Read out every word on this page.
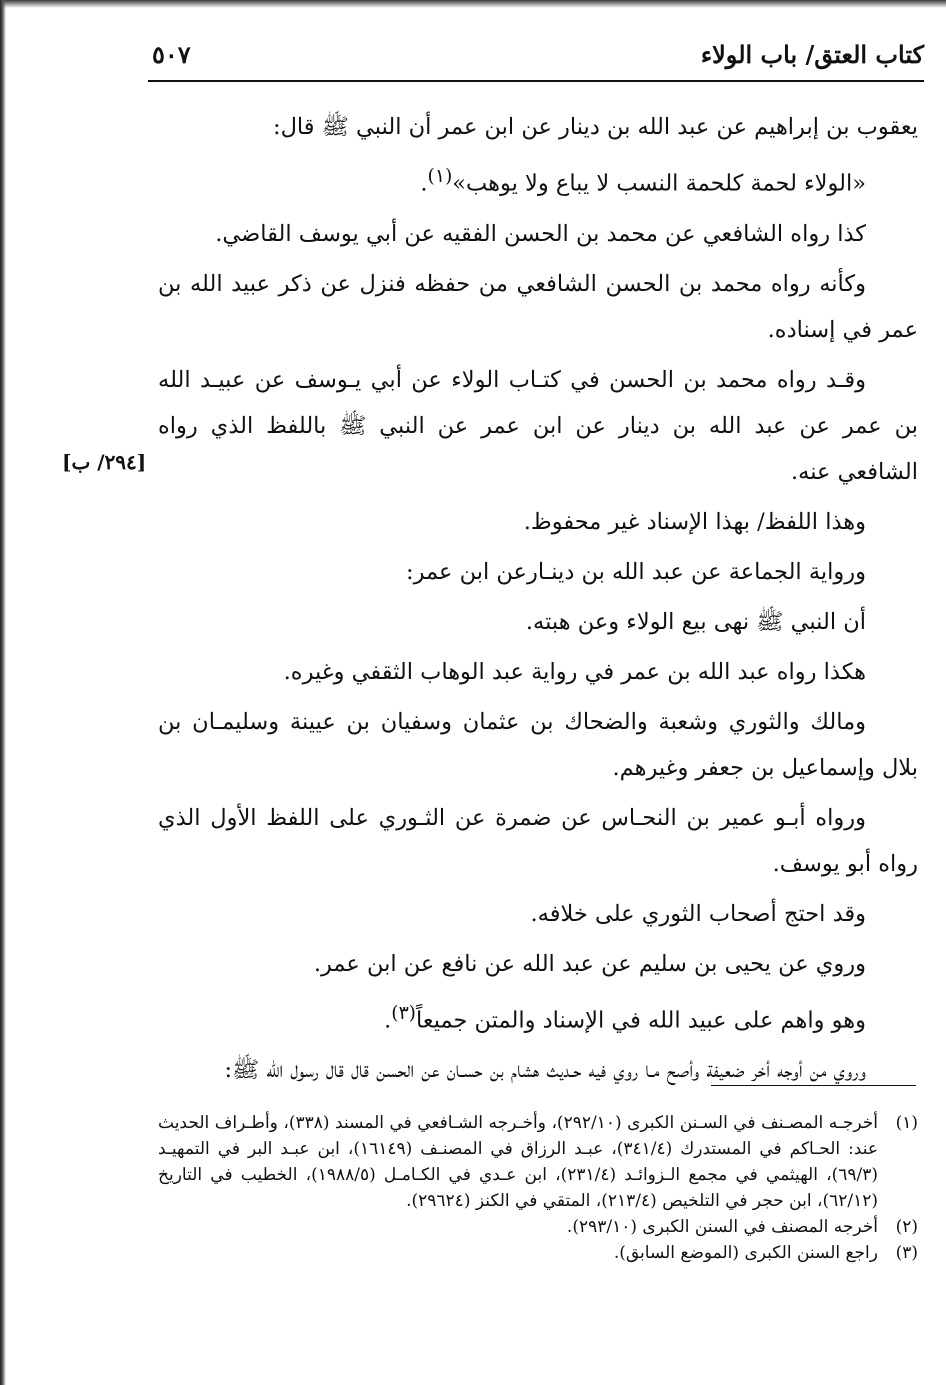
كتاب العتق/ باب الولاء
٥٠٧
[٢٩٤/ ب]

يعقوب بن إبراهيم عن عبد الله بن دينار عن ابن عمر أن النبي ﷺ قال:

«الولاء لحمة كلحمة النسب لا يباع ولا يوهب»$^{(١)}$.

كذا رواه الشافعي عن محمد بن الحسن الفقيه عن أبي يوسف القاضي.

وكأنه رواه محمد بن الحسن الشافعي من حفظه فنزل عن ذكر عبيد الله بن عمر في إسناده.

وقـد رواه محمد بن الحسن في كتـاب الولاء عن أبي يـوسف عن عبيـد الله بن عمر عن عبد الله بن دينار عن ابن عمر عن النبي ﷺ باللفظ الذي رواه الشافعي عنه.

وهذا اللفظ/ بهذا الإسناد غير محفوظ.

ورواية الجماعة عن عبد الله بن دينـارعن ابن عمر:

أن النبي ﷺ نهى بيع الولاء وعن هبته.

هكذا رواه عبد الله بن عمر في رواية عبد الوهاب الثقفي وغيره.

ومالك والثوري وشعبة والضحاك بن عثمان وسفيان بن عيينة وسليمـان بن بلال وإسماعيل بن جعفر وغيرهم.

ورواه أبـو عمير بن النحـاس عن ضمرة عن الثـوري على اللفظ الأول الذي رواه أبو يوسف.

وقد احتج أصحاب الثوري على خلافه.

وروي عن يحيى بن سليم عن عبد الله عن نافع عن ابن عمر.

وهو واهم على عبيد الله في الإسناد والمتن جميعاً$^{(٣)}$.

وروي من أوجه أخر ضعيفة وأصح مـا روي فيه حـديث هشام بن حسـان عن الحسن قال قال رسول الله ﷺ:

(١)
أخرجـه المصـنف في السـنن الكبرى (٢٩٢/١٠)، وأخـرجه الشـافعي في المسند (٣٣٨)، وأطـراف الحديث عند: الحـاكم في المستدرك (٣٤١/٤)، عبـد الرزاق في المصنـف (١٦١٤٩)، ابن عبـد البر في التمهيـد (٦٩/٣)، الهيثمي في مجمع الـزوائـد (٢٣١/٤)، ابن عـدي في الكـامـل (١٩٨٨/٥)، الخطيب في التاريخ (٦٢/١٢)، ابن حجر في التلخيص (٢١٣/٤)، المتقي في الكنز (٢٩٦٢٤).
(٢)
أخرجه المصنف في السنن الكبرى (٢٩٣/١٠).
(٣)
راجع السنن الكبرى (الموضع السابق).
